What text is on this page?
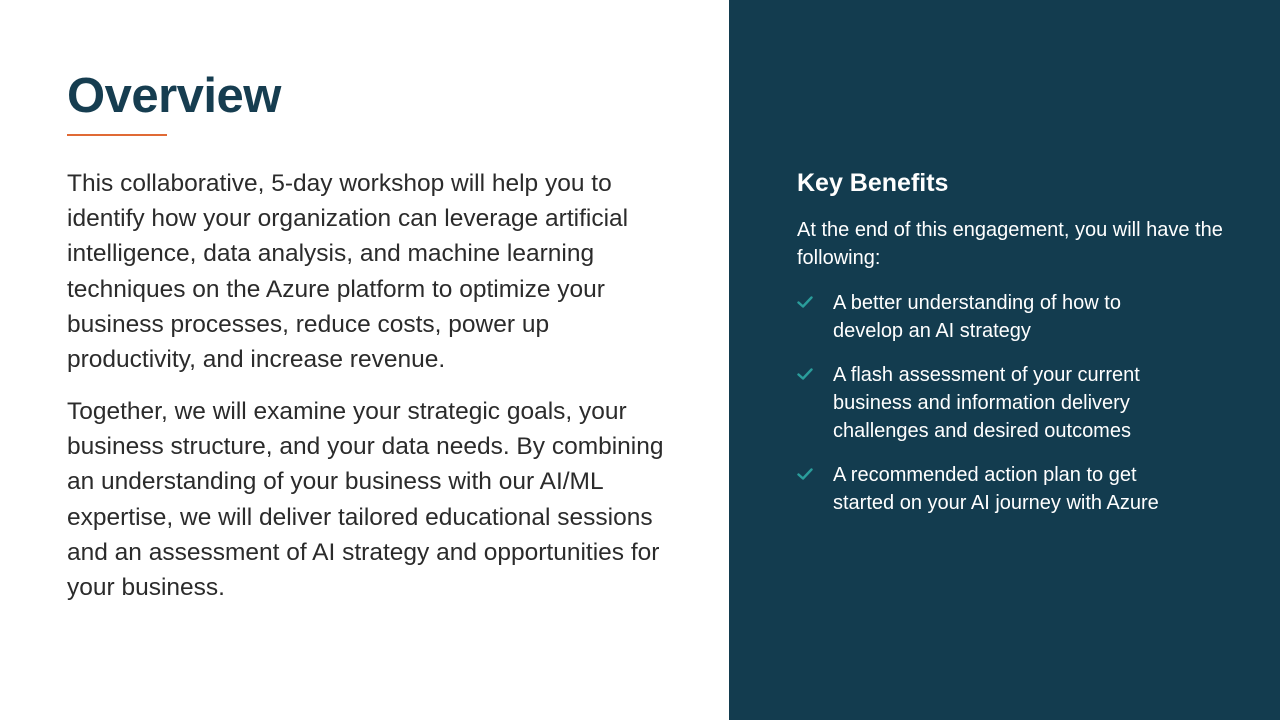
Overview

This collaborative, 5-day workshop will help you to identify how your organization can leverage artificial intelligence, data analysis, and machine learning techniques on the Azure platform to optimize your business processes, reduce costs, power up productivity, and increase revenue.

Together, we will examine your strategic goals, your business structure, and your data needs. By combining an understanding of your business with our AI/ML expertise, we will deliver tailored educational sessions and an assessment of AI strategy and opportunities for your business.

Key Benefits

At the end of this engagement, you will have the following:

A better understanding of how to develop an AI strategy
A flash assessment of your current business and information delivery challenges and desired outcomes
A recommended action plan to get started on your AI journey with Azure
